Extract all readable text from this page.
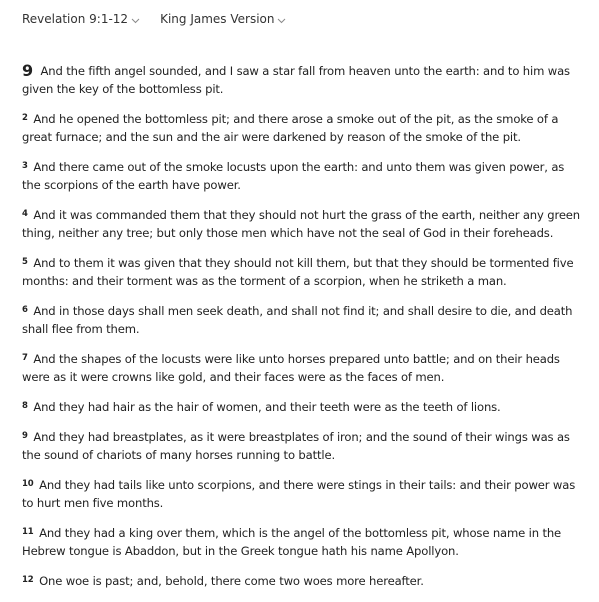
Revelation 9:1-12	King James Version

9 And the fifth angel sounded, and I saw a star fall from heaven unto the earth: and to him was given the key of the bottomless pit.

$^2$ And he opened the bottomless pit; and there arose a smoke out of the pit, as the smoke of a great furnace; and the sun and the air were darkened by reason of the smoke of the pit.

$^3$ And there came out of the smoke locusts upon the earth: and unto them was given power, as the scorpions of the earth have power.

$^4$ And it was commanded them that they should not hurt the grass of the earth, neither any green thing, neither any tree; but only those men which have not the seal of God in their foreheads.

$^5$ And to them it was given that they should not kill them, but that they should be tormented five months: and their torment was as the torment of a scorpion, when he striketh a man.

$^6$ And in those days shall men seek death, and shall not find it; and shall desire to die, and death shall flee from them.

$^7$ And the shapes of the locusts were like unto horses prepared unto battle; and on their heads were as it were crowns like gold, and their faces were as the faces of men.

$^8$ And they had hair as the hair of women, and their teeth were as the teeth of lions.

$^9$ And they had breastplates, as it were breastplates of iron; and the sound of their wings was as the sound of chariots of many horses running to battle.

$^{10}$ And they had tails like unto scorpions, and there were stings in their tails: and their power was to hurt men five months.

$^{11}$ And they had a king over them, which is the angel of the bottomless pit, whose name in the Hebrew tongue is Abaddon, but in the Greek tongue hath his name Apollyon.

$^{12}$ One woe is past; and, behold, there come two woes more hereafter.
